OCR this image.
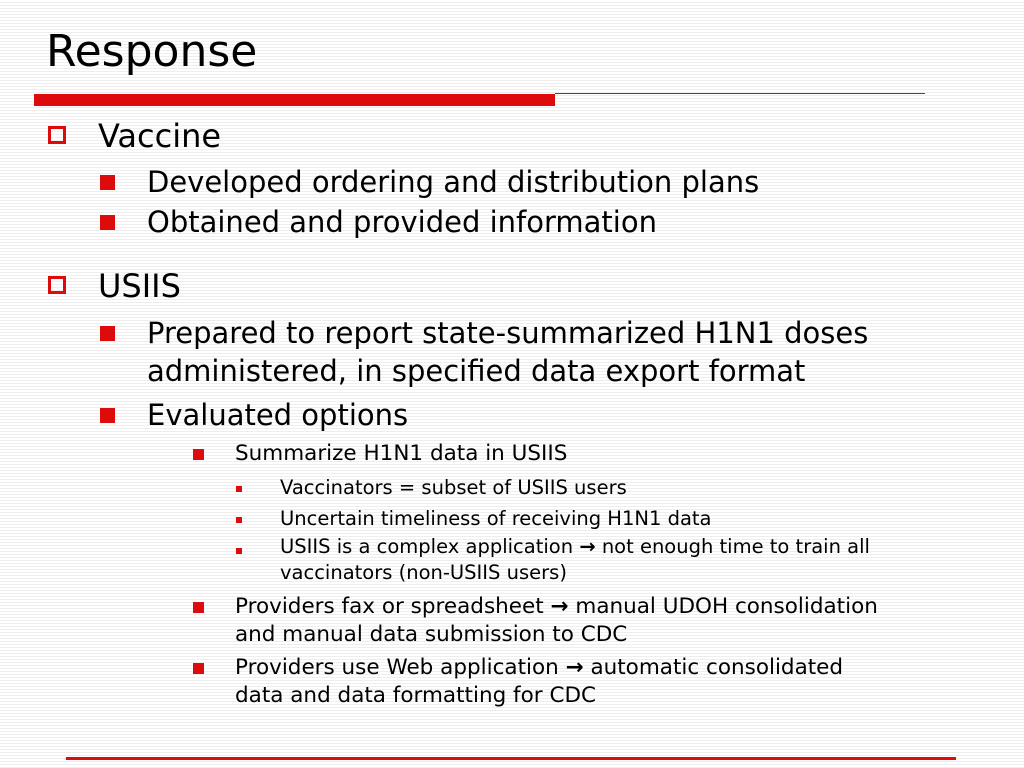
Response
Vaccine
Developed ordering and distribution plans
Obtained and provided information
USIIS
Prepared to report state-summarized H1N1 doses
administered, in specified data export format
Evaluated options
Summarize H1N1 data in USIIS
Vaccinators = subset of USIIS users
Uncertain timeliness of receiving H1N1 data
USIIS is a complex application → not enough time to train all
vaccinators (non-USIIS users)
Providers fax or spreadsheet → manual UDOH consolidation
and manual data submission to CDC
Providers use Web application → automatic consolidated
data and data formatting for CDC
